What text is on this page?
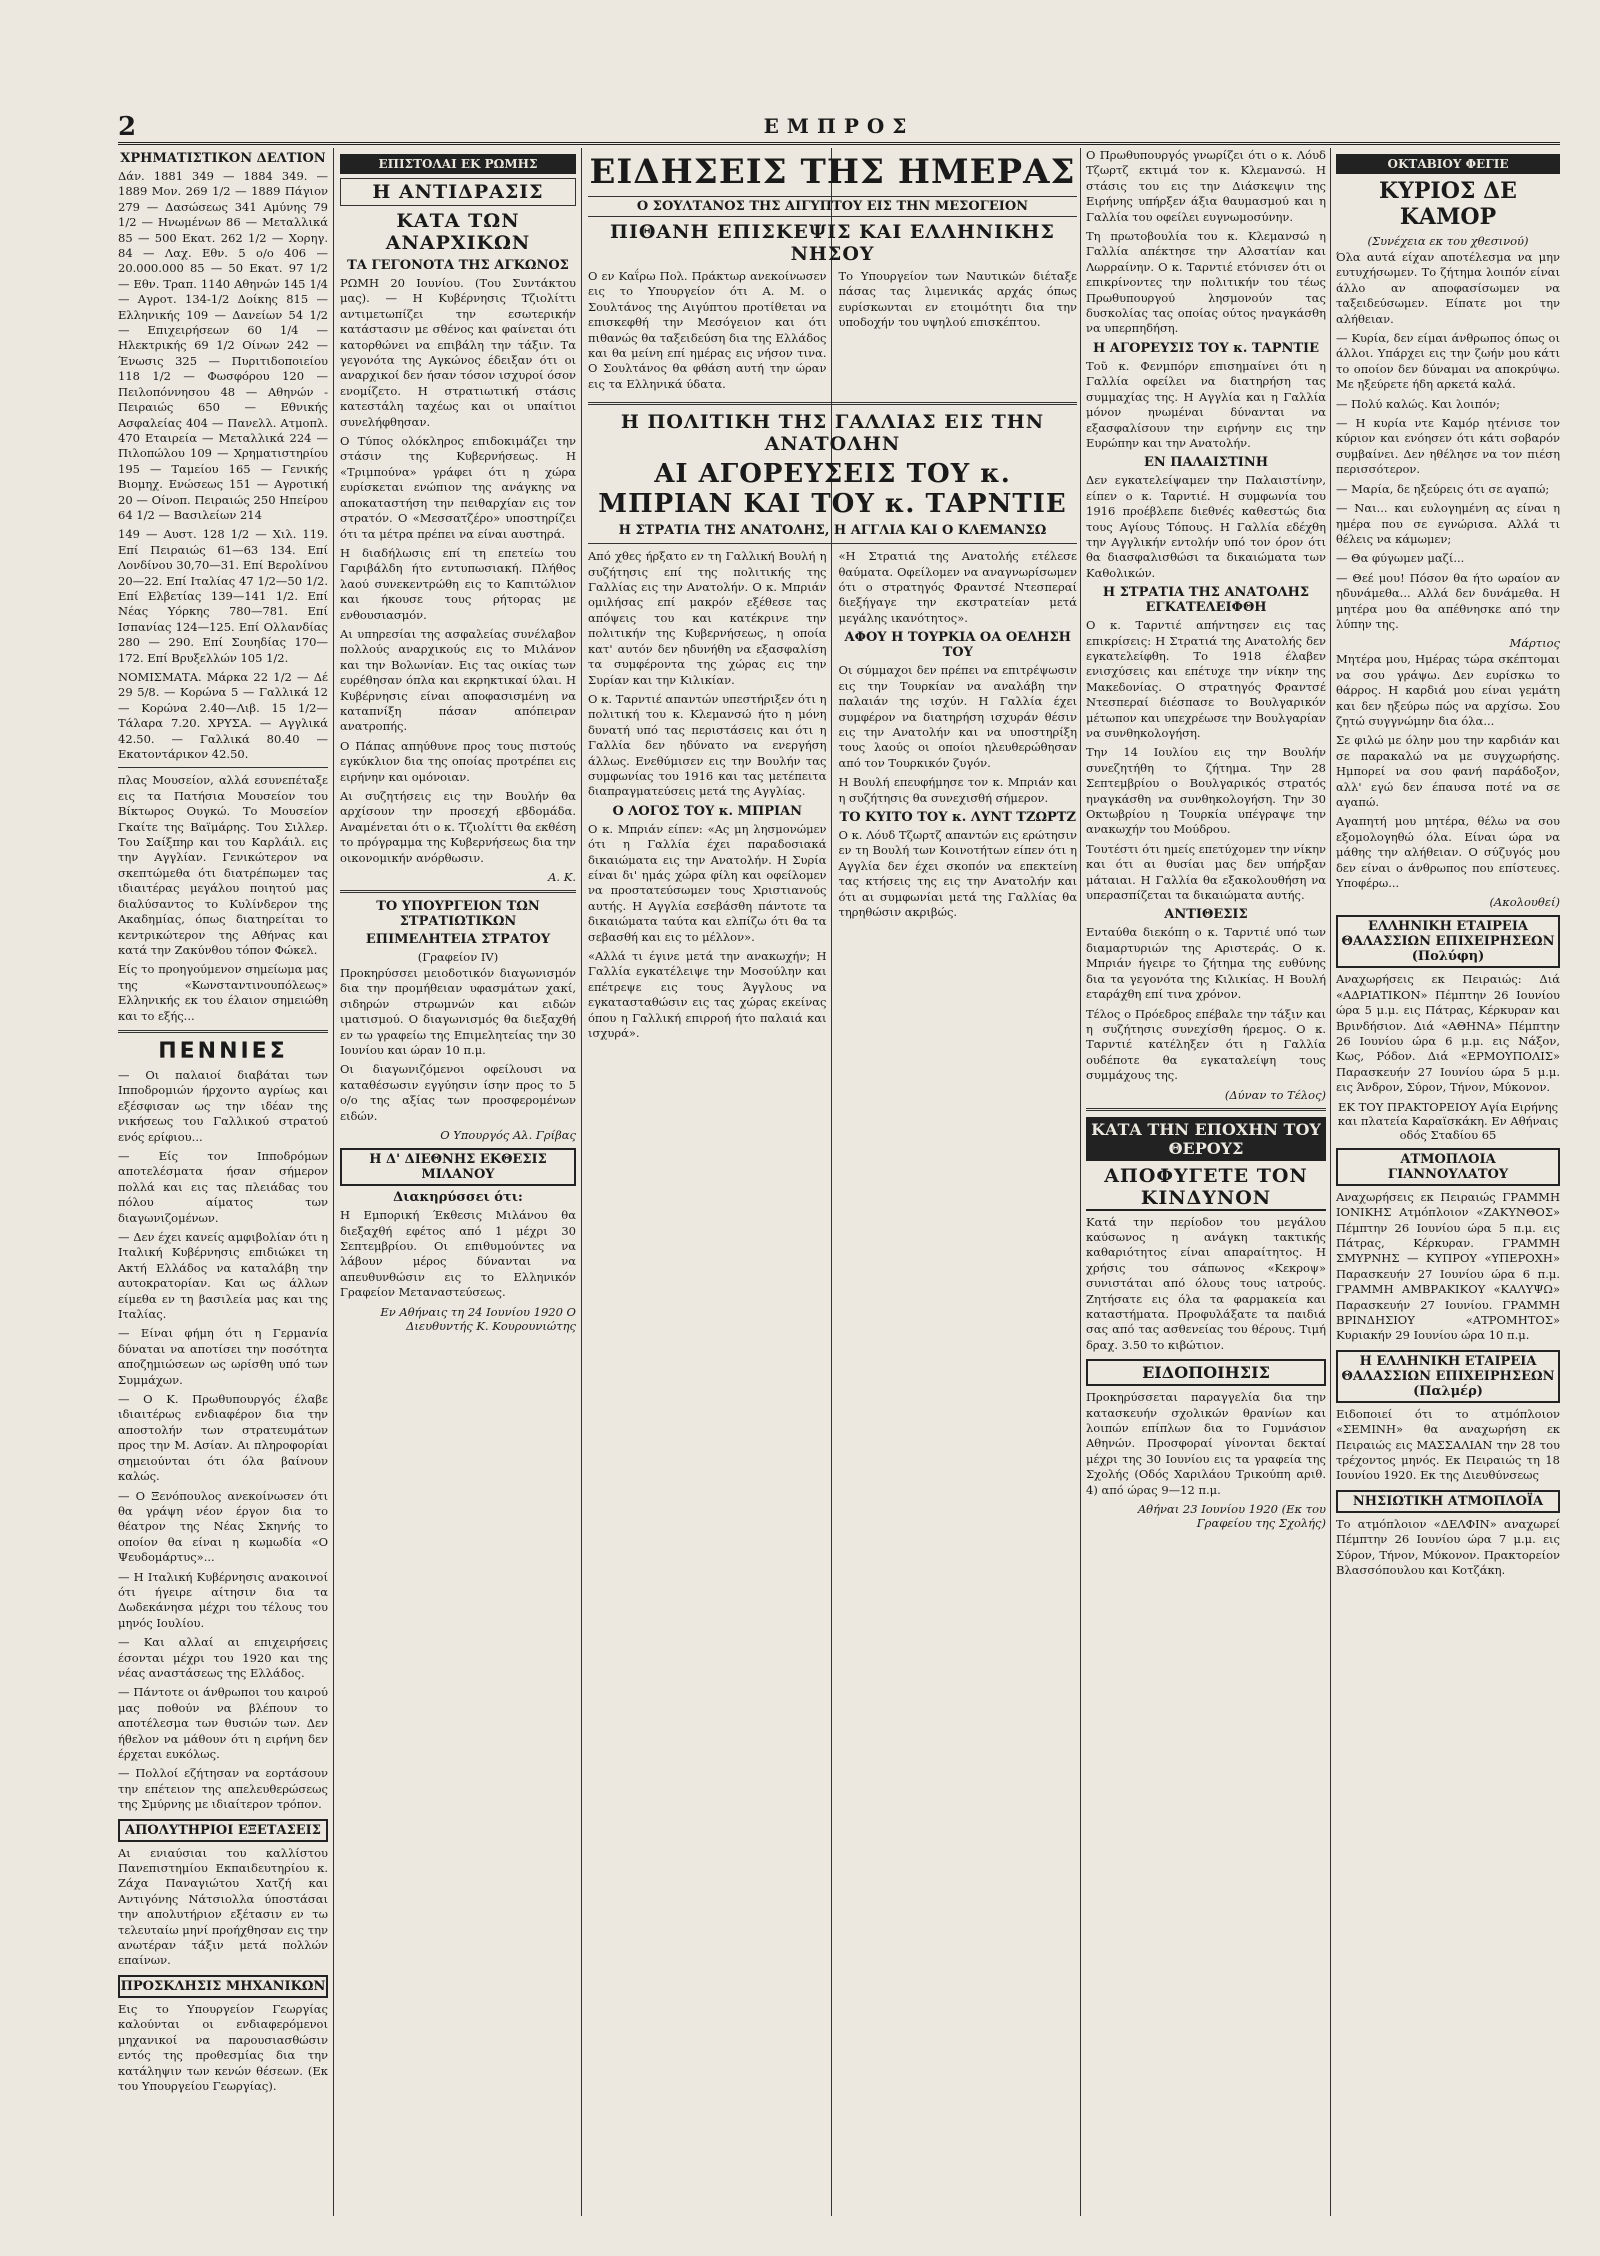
2	ΕΜΠΡΟΣ
ΧΡΗΜΑΤΙΣΤΙΚΟΝ ΔΕΛΤΙΟΝ

Δάν. 1881 349 — 1884 349. — 1889 Μον. 269 1/2 — 1889 Πάγιον 279 — Δασώσεως 341 Αμύνης 79 1/2 — Ηνωμένων 86 — Μεταλλικά 85 — 500 Εκατ. 262 1/2 — Χορηγ. 84 — Λαχ. Εθν. 5 ο/ο 406 — 20.000.000 85 — 50 Εκατ. 97 1/2 — Εθν. Τραπ. 1140 Αθηνών 145 1/4 — Αγροτ. 134-1/2 Δοίκης 815 — Ελληνικής 109 — Δανείων 54 1/2 — Επιχειρήσεων 60 1/4 — Ηλεκτρικής 69 1/2 Οίνων 242 — Ένωσις 325 — Πυριτιδοποιείου 118 1/2 — Φωσφόρου 120 — Πειλοπόννησου 48 — Αθηνών - Πειραιώς 650 — Εθνικής Ασφαλείας 404 — Πανελλ. Ατμοπλ. 470 Εταιρεία — Μεταλλικά 224 — Πιλοπώλου 109 — Χρηματιστηρίου 195 — Ταμείου 165 — Γενικής Βιομηχ. Ενώσεως 151 — Αγροτική 20 — Οίνοπ. Πειραιώς 250 Ηπείρου 64 1/2 — Βασιλείων 214

149 — Αυστ. 128 1/2 — Χιλ. 119. Επί Πειραιώς 61—63 134. Επί Λονδίνου 30,70—31. Επί Βερολίνου 20—22. Επί Ιταλίας 47 1/2—50 1/2. Επί Ελβετίας 139—141 1/2. Επί Νέας Υόρκης 780—781. Επί Ισπανίας 124—125. Επί Ολλανδίας 280 — 290. Επί Σουηδίας 170—172. Επί Βρυξελλών 105 1/2.

ΝΟΜΙΣΜΑΤΑ. Μάρκα 22 1/2 — Δέ 29 5/8. — Κορώνα 5 — Γαλλικά 12 — Κορώνα 2.40—Λιβ. 15 1/2—Τάλαρα 7.20. ΧΡΥΣΑ. — Αγγλικά 42.50. — Γαλλικά 80.40 — Εκατοντάρικον 42.50.

πλας Μουσείον, αλλά εσυνεπέταξε εις τα Πατήσια Μουσείον του Βίκτωρος Ουγκώ. Το Μουσείον Γκαίτε της Βαϊμάρης. Του Σιλλερ. Του Σαίξπηρ και του Καρλάιλ. εις την Αγγλίαν. Γενικώτερον να σκεπτώμεθα ότι διατρέπωμεν τας ιδιαιτέρας μεγάλου ποιητού μας διαλύσαντος το Κυλίνδερον της Ακαδημίας, όπως διατηρείται το κεντρικώτερον της Αθήνας και κατά την Ζακύνθου τόπον Φώκελ.

Είς το προηγούμενον σημείωμα μας της «Κωνσταντινουπόλεως» Ελληνικής εκ του έλαιον σημειώθη και το εξής...

ΠΕΝΝΙΕΣ

— Οι παλαιοί διαβάται των Ιπποδρομιών ήρχοντο αγρίως και εξέσφισαν ως την ιδέαν της νικήσεως του Γαλλικού στρατού ενός ερίφιου...

— Είς τον Ιπποδρόμων αποτελέσματα ήσαν σήμερον πολλά και εις τας πλειάδας του πόλου αίματος των διαγωνιζομένων.

— Δεν έχει κανείς αμφιβολίαν ότι η Ιταλική Κυβέρνησις επιδιώκει τη Ακτή Ελλάδος να καταλάβη την αυτοκρατορίαν. Και ως άλλων είμεθα εν τη βασιλεία μας και της Ιταλίας.

— Είναι φήμη ότι η Γερμανία δύναται να αποτίσει την ποσότητα αποζημιώσεων ως ωρίσθη υπό των Συμμάχων.

— Ο Κ. Πρωθυπουργός έλαβε ιδιαιτέρως ενδιαφέρον δια την αποστολήν των στρατευμάτων προς την Μ. Ασίαν. Αι πληροφορίαι σημειούνται ότι όλα βαίνουν καλώς.

— Ο Ξενόπουλος ανεκοίνωσεν ότι θα γράψη νέον έργον δια το θέατρον της Νέας Σκηνής το οποίον θα είναι η κωμωδία «Ο Ψευδομάρτυς»...

— Η Ιταλική Κυβέρνησις ανακοινοί ότι ήγειρε αίτησιν δια τα Δωδεκάνησα μέχρι του τέλους του μηνός Ιουλίου.

— Και αλλαί αι επιχειρήσεις έσονται μέχρι του 1920 και της νέας αναστάσεως της Ελλάδος.

— Πάντοτε οι άνθρωποι του καιρού μας ποθούν να βλέπουν το αποτέλεσμα των θυσιών των. Δεν ήθελον να μάθουν ότι η ειρήνη δεν έρχεται ευκόλως.

— Πολλοί εζήτησαν να εορτάσουν την επέτειον της απελευθερώσεως της Σμύρνης με ιδιαίτερον τρόπον.

ΑΠΟΛΥΤΗΡΙΟΙ ΕΞΕΤΑΣΕΙΣ

Αι ενιαύσιαι του καλλίστου Πανεπιστημίου Εκπαιδευτηρίου κ. Ζάχα Παναγιώτου Χατζή και Αντιγόνης Νάτσιολλα ύποστάσαι την απολυτήριον εξέτασιν εν τω τελευταίω μηνί προήχθησαν εις την ανωτέραν τάξιν μετά πολλών επαίνων.

ΠΡΟΣΚΛΗΣΙΣ ΜΗΧΑΝΙΚΩΝ

Εις το Υπουργείον Γεωργίας καλούνται οι ενδιαφερόμενοι μηχανικοί να παρουσιασθώσιν εντός της προθεσμίας δια την κατάληψιν των κενών θέσεων. (Εκ του Υπουργείου Γεωργίας).

ΕΠΙΣΤΟΛΑΙ ΕΚ ΡΩΜΗΣ
Η ΑΝΤΙΔΡΑΣΙΣ
ΚΑΤΑ ΤΩΝ ΑΝΑΡΧΙΚΩΝ
ΤΑ ΓΕΓΟΝΟΤΑ ΤΗΣ ΑΓΚΩΝΟΣ

ΡΩΜΗ 20 Ιουνίου. (Του Συντάκτου μας). — Η Κυβέρνησις Τζιολίττι αντιμετωπίζει την εσωτερικήν κατάστασιν με σθένος και φαίνεται ότι κατορθώνει να επιβάλη την τάξιν. Τα γεγονότα της Αγκώνος έδειξαν ότι οι αναρχικοί δεν ήσαν τόσον ισχυροί όσον ενομίζετο. Η στρατιωτική στάσις κατεστάλη ταχέως και οι υπαίτιοι συνελήφθησαν.

Ο Τύπος ολόκληρος επιδοκιμάζει την στάσιν της Κυβερνήσεως. Η «Τριμπούνα» γράφει ότι η χώρα ευρίσκεται ενώπιον της ανάγκης να αποκαταστήση την πειθαρχίαν εις τον στρατόν. Ο «Μεσσατζέρο» υποστηρίζει ότι τα μέτρα πρέπει να είναι αυστηρά.

Η διαδήλωσις επί τη επετείω του Γαριβάλδη ήτο εντυπωσιακή. Πλήθος λαού συνεκεντρώθη εις το Καπιτώλιον και ήκουσε τους ρήτορας με ενθουσιασμόν.

Αι υπηρεσίαι της ασφαλείας συνέλαβον πολλούς αναρχικούς εις το Μιλάνον και την Βολωνίαν. Εις τας οικίας των ευρέθησαν όπλα και εκρηκτικαί ύλαι. Η Κυβέρνησις είναι αποφασισμένη να καταπνίξη πάσαν απόπειραν ανατροπής.

Ο Πάπας απηύθυνε προς τους πιστούς εγκύκλιον δια της οποίας προτρέπει εις ειρήνην και ομόνοιαν.

Αι συζητήσεις εις την Βουλήν θα αρχίσουν την προσεχή εβδομάδα. Αναμένεται ότι ο κ. Τζιολίττι θα εκθέση το πρόγραμμα της Κυβερνήσεως δια την οικονομικήν ανόρθωσιν.

Α. Κ.
ΤΟ ΥΠΟΥΡΓΕΙΟΝ ΤΩΝ ΣΤΡΑΤΙΩΤΙΚΩΝ
ΕΠΙΜΕΛΗΤΕΙΑ ΣΤΡΑΤΟΥ
(Γραφείον IV)

Προκηρύσσει μειοδοτικόν διαγωνισμόν δια την προμήθειαν υφασμάτων χακί, σιδηρών στρωμνών και ειδών ιματισμού. Ο διαγωνισμός θα διεξαχθή εν τω γραφείω της Επιμελητείας την 30 Ιουνίου και ώραν 10 π.μ.

Οι διαγωνιζόμενοι οφείλουσι να καταθέσωσιν εγγύησιν ίσην προς το 5 ο/ο της αξίας των προσφερομένων ειδών.

Ο Υπουργός Αλ. Γρίβας
Η Δ' ΔΙΕΘΝΗΣ ΕΚΘΕΣΙΣ ΜΙΛΑΝΟΥ
Διακηρύσσει ότι:

Η Εμπορική Έκθεσις Μιλάνου θα διεξαχθή εφέτος από 1 μέχρι 30 Σεπτεμβρίου. Οι επιθυμούντες να λάβουν μέρος δύνανται να απευθυνθώσιν εις το Ελληνικόν Γραφείον Μεταναστεύσεως.

Εν Αθήναις τη 24 Ιουνίου 1920 Ο Διευθυντής Κ. Κουρουνιώτης
ΕΙΔΗΣΕΙΣ ΤΗΣ ΗΜΕΡΑΣ
Ο ΣΟΥΛΤΑΝΟΣ ΤΗΣ ΑΙΓΥΠΤΟΥ ΕΙΣ ΤΗΝ ΜΕΣΟΓΕΙΟΝ
ΠΙΘΑΝΗ ΕΠΙΣΚΕΨΙΣ ΚΑΙ ΕΛΛΗΝΙΚΗΣ ΝΗΣΟΥ

Ο εν Καΐρω Πολ. Πράκτωρ ανεκοίνωσεν εις το Υπουργείον ότι Α. Μ. ο Σουλτάνος της Αιγύπτου προτίθεται να επισκεφθή την Μεσόγειον και ότι πιθανώς θα ταξειδεύση δια της Ελλάδος και θα μείνη επί ημέρας εις νήσον τινα. Ο Σουλτάνος θα φθάση αυτή την ώραν εις τα Ελληνικά ύδατα.

Το Υπουργείον των Ναυτικών διέταξε πάσας τας λιμενικάς αρχάς όπως ευρίσκωνται εν ετοιμότητι δια την υποδοχήν του υψηλού επισκέπτου.

Η ΠΟΛΙΤΙΚΗ ΤΗΣ ΓΑΛΛΙΑΣ ΕΙΣ ΤΗΝ ΑΝΑΤΟΛΗΝ
ΑΙ ΑΓΟΡΕΥΣΕΙΣ ΤΟΥ κ. ΜΠΡΙΑΝ ΚΑΙ ΤΟΥ κ. ΤΑΡΝΤΙΕ
Η ΣΤΡΑΤΙΑ ΤΗΣ ΑΝΑΤΟΛΗΣ, Η ΑΓΓΛΙΑ ΚΑΙ Ο ΚΛΕΜΑΝΣΩ

Από χθες ήρξατο εν τη Γαλλική Βουλή η συζήτησις επί της πολιτικής της Γαλλίας εις την Ανατολήν. Ο κ. Μπριάν ομιλήσας επί μακρόν εξέθεσε τας απόψεις του και κατέκρινε την πολιτικήν της Κυβερνήσεως, η οποία κατ' αυτόν δεν ηδυνήθη να εξασφαλίση τα συμφέροντα της χώρας εις την Συρίαν και την Κιλικίαν.

Ο κ. Ταρντιέ απαντών υπεστήριξεν ότι η πολιτική του κ. Κλεμανσώ ήτο η μόνη δυνατή υπό τας περιστάσεις και ότι η Γαλλία δεν ηδύνατο να ενεργήση άλλως. Ενεθύμισεν εις την Βουλήν τας συμφωνίας του 1916 και τας μετέπειτα διαπραγματεύσεις μετά της Αγγλίας.

Ο ΛΟΓΟΣ ΤΟΥ κ. ΜΠΡΙΑΝ

Ο κ. Μπριάν είπεν: «Ας μη λησμονώμεν ότι η Γαλλία έχει παραδοσιακά δικαιώματα εις την Ανατολήν. Η Συρία είναι δι' ημάς χώρα φίλη και οφείλομεν να προστατεύσωμεν τους Χριστιανούς αυτής. Η Αγγλία εσεβάσθη πάντοτε τα δικαιώματα ταύτα και ελπίζω ότι θα τα σεβασθή και εις το μέλλον».

«Αλλά τι έγινε μετά την ανακωχήν; Η Γαλλία εγκατέλειψε την Μοσούλην και επέτρεψε εις τους Άγγλους να εγκατασταθώσιν εις τας χώρας εκείνας όπου η Γαλλική επιρροή ήτο παλαιά και ισχυρά».

«Η Στρατιά της Ανατολής ετέλεσε θαύματα. Οφείλομεν να αναγνωρίσωμεν ότι ο στρατηγός Φραντσέ Ντεσπεραί διεξήγαγε την εκστρατείαν μετά μεγάλης ικανότητος».

ΑΦΟΥ Η ΤΟΥΡΚΙΑ ΟΑ ΟΕΛΗΣΗ ΤΟΥ

Οι σύμμαχοι δεν πρέπει να επιτρέψωσιν εις την Τουρκίαν να αναλάβη την παλαιάν της ισχύν. Η Γαλλία έχει συμφέρον να διατηρήση ισχυράν θέσιν εις την Ανατολήν και να υποστηρίξη τους λαούς οι οποίοι ηλευθερώθησαν από τον Τουρκικόν ζυγόν.

Η Βουλή επευφήμησε τον κ. Μπριάν και η συζήτησις θα συνεχισθή σήμερον.

ΤΟ ΚΥΙΤΟ ΤΟΥ κ. ΛΥΝΤ ΤΖΩΡΤΖ

Ο κ. Λόυδ Τζωρτζ απαντών εις ερώτησιν εν τη Βουλή των Κοινοτήτων είπεν ότι η Αγγλία δεν έχει σκοπόν να επεκτείνη τας κτήσεις της εις την Ανατολήν και ότι αι συμφωνίαι μετά της Γαλλίας θα τηρηθώσιν ακριβώς.

Ο Πρωθυπουργός γνωρίζει ότι ο κ. Λόυδ Τζωρτζ εκτιμά τον κ. Κλεμανσώ. Η στάσις του εις την Διάσκεψιν της Ειρήνης υπήρξεν άξια θαυμασμού και η Γαλλία του οφείλει ευγνωμοσύνην.

Τη πρωτοβουλία του κ. Κλεμανσώ η Γαλλία απέκτησε την Αλσατίαν και Λωρραίνην. Ο κ. Ταρντιέ ετόνισεν ότι οι επικρίνοντες την πολιτικήν του τέως Πρωθυπουργού λησμονούν τας δυσκολίας τας οποίας ούτος ηναγκάσθη να υπερπηδήση.

Η ΑΓΟΡΕΥΣΙΣ ΤΟΥ κ. ΤΑΡΝΤΙΕ

Τοῦ κ. Φενμπόρν επισημαίνει ότι η Γαλλία οφείλει να διατηρήση τας συμμαχίας της. Η Αγγλία και η Γαλλία μόνον ηνωμέναι δύνανται να εξασφαλίσουν την ειρήνην εις την Ευρώπην και την Ανατολήν.

ΕΝ ΠΑΛΑΙΣΤΙΝΗ

Δεν εγκατελείψαμεν την Παλαιστίνην, είπεν ο κ. Ταρντιέ. Η συμφωνία του 1916 προέβλεπε διεθνές καθεστώς δια τους Αγίους Τόπους. Η Γαλλία εδέχθη την Αγγλικήν εντολήν υπό τον όρον ότι θα διασφαλισθώσι τα δικαιώματα των Καθολικών.

Η ΣΤΡΑΤΙΑ ΤΗΣ ΑΝΑΤΟΛΗΣ ΕΓΚΑΤΕΛΕΙΦΘΗ

Ο κ. Ταρντιέ απήντησεν εις τας επικρίσεις: Η Στρατιά της Ανατολής δεν εγκατελείφθη. Το 1918 έλαβεν ενισχύσεις και επέτυχε την νίκην της Μακεδονίας. Ο στρατηγός Φραντσέ Ντεσπεραί διέσπασε το Βουλγαρικόν μέτωπον και υπεχρέωσε την Βουλγαρίαν να συνθηκολογήση.

Την 14 Ιουλίου εις την Βουλήν συνεζητήθη το ζήτημα. Την 28 Σεπτεμβρίου ο Βουλγαρικός στρατός ηναγκάσθη να συνθηκολογήση. Την 30 Οκτωβρίου η Τουρκία υπέγραψε την ανακωχήν του Μούδρου.

Τουτέστι ότι ημείς επετύχομεν την νίκην και ότι αι θυσίαι μας δεν υπήρξαν μάταιαι. Η Γαλλία θα εξακολουθήση να υπερασπίζεται τα δικαιώματα αυτής.

ΑΝΤΙΘΕΣΙΣ

Ενταύθα διεκόπη ο κ. Ταρντιέ υπό των διαμαρτυριών της Αριστεράς. Ο κ. Μπριάν ήγειρε το ζήτημα της ευθύνης δια τα γεγονότα της Κιλικίας. Η Βουλή εταράχθη επί τινα χρόνον.

Τέλος ο Πρόεδρος επέβαλε την τάξιν και η συζήτησις συνεχίσθη ήρεμος. Ο κ. Ταρντιέ κατέληξεν ότι η Γαλλία ουδέποτε θα εγκαταλείψη τους συμμάχους της.

(Δύναν το Τέλος)
ΚΑΤΑ ΤΗΝ ΕΠΟΧΗΝ ΤΟΥ ΘΕΡΟΥΣ
ΑΠΟΦΥΓΕΤΕ ΤΟΝ ΚΙΝΔΥΝΟΝ

Κατά την περίοδον του μεγάλου καύσωνος η ανάγκη τακτικής καθαριότητος είναι απαραίτητος. Η χρήσις του σάπωνος «Κεκροψ» συνιστάται από όλους τους ιατρούς. Ζητήσατε εις όλα τα φαρμακεία και καταστήματα. Προφυλάξατε τα παιδιά σας από τας ασθενείας του θέρους. Τιμή δραχ. 3.50 το κιβώτιον.

ΕΙΔΟΠΟΙΗΣΙΣ

Προκηρύσσεται παραγγελία δια την κατασκευήν σχολικών θρανίων και λοιπών επίπλων δια το Γυμνάσιον Αθηνών. Προσφοραί γίνονται δεκταί μέχρι της 30 Ιουνίου εις τα γραφεία της Σχολής (Οδός Χαριλάου Τρικούπη αριθ. 4) από ώρας 9—12 π.μ.

Αθήναι 23 Ιουνίου 1920 (Εκ του Γραφείου της Σχολής)
ΟΚΤΑΒΙΟΥ ΦΕΓΙΕ
ΚΥΡΙΟΣ ΔΕ ΚΑΜΟΡ
(Συνέχεια εκ του χθεσινού)

Όλα αυτά είχαν αποτέλεσμα να μην ευτυχήσωμεν. Το ζήτημα λοιπόν είναι άλλο αν αποφασίσωμεν να ταξειδεύσωμεν. Είπατε μοι την αλήθειαν.

— Κυρία, δεν είμαι άνθρωπος όπως οι άλλοι. Υπάρχει εις την ζωήν μου κάτι το οποίον δεν δύναμαι να αποκρύψω. Με ηξεύρετε ήδη αρκετά καλά.

— Πολύ καλώς. Και λοιπόν;

— Η κυρία ντε Καμόρ ητένισε τον κύριον και ενόησεν ότι κάτι σοβαρόν συμβαίνει. Δεν ηθέλησε να τον πιέση περισσότερον.

— Μαρία, δε ηξεύρεις ότι σε αγαπώ;

— Ναι... και ευλογημένη ας είναι η ημέρα που σε εγνώρισα. Αλλά τι θέλεις να κάμωμεν;

— Θα φύγωμεν μαζί...

— Θεέ μου! Πόσον θα ήτο ωραίον αν ηδυνάμεθα... Αλλά δεν δυνάμεθα. Η μητέρα μου θα απέθνησκε από την λύπην της.

Μάρτιος

Μητέρα μου, Ημέρας τώρα σκέπτομαι να σου γράψω. Δεν ευρίσκω το θάρρος. Η καρδιά μου είναι γεμάτη και δεν ηξεύρω πώς να αρχίσω. Σου ζητώ συγγνώμην δια όλα...

Σε φιλώ με όλην μου την καρδιάν και σε παρακαλώ να με συγχωρήσης. Ημπορεί να σου φανή παράδοξον, αλλ' εγώ δεν έπαυσα ποτέ να σε αγαπώ.

Αγαπητή μου μητέρα, θέλω να σου εξομολογηθώ όλα. Είναι ώρα να μάθης την αλήθειαν. Ο σύζυγός μου δεν είναι ο άνθρωπος που επίστευες. Υποφέρω...

(Ακολουθεί)
ΕΛΛΗΝΙΚΗ ΕΤΑΙΡΕΙΑ ΘΑΛΑΣΣΙΩΝ ΕΠΙΧΕΙΡΗΣΕΩΝ (Πολύφη)

Αναχωρήσεις εκ Πειραιώς: Διά «ΑΔΡΙΑΤΙΚΟΝ» Πέμπτην 26 Ιουνίου ώρα 5 μ.μ. εις Πάτρας, Κέρκυραν και Βρινδήσιον. Διά «ΑΘΗΝΑ» Πέμπτην 26 Ιουνίου ώρα 6 μ.μ. εις Νάξον, Κως, Ρόδον. Διά «ΕΡΜΟΥΠΟΛΙΣ» Παρασκευήν 27 Ιουνίου ώρα 5 μ.μ. εις Άνδρον, Σύρον, Τήνον, Μύκονον.

ΕΚ ΤΟΥ ΠΡΑΚΤΟΡΕΙΟΥ Αγία Ειρήνης και πλατεία Καραϊσκάκη. Εν Αθήναις οδός Σταδίου 65
ΑΤΜΟΠΛΟΙΑ ΓΙΑΝΝΟΥΛΑΤΟΥ

Αναχωρήσεις εκ Πειραιώς ΓΡΑΜΜΗ ΙΟΝΙΚΗΣ Ατμόπλοιον «ΖΑΚΥΝΘΟΣ» Πέμπτην 26 Ιουνίου ώρα 5 π.μ. εις Πάτρας, Κέρκυραν. ΓΡΑΜΜΗ ΣΜΥΡΝΗΣ — ΚΥΠΡΟΥ «ΥΠΕΡΟΧΗ» Παρασκευήν 27 Ιουνίου ώρα 6 π.μ. ΓΡΑΜΜΗ ΑΜΒΡΑΚΙΚΟΥ «ΚΑΛΥΨΩ» Παρασκευήν 27 Ιουνίου. ΓΡΑΜΜΗ ΒΡΙΝΔΗΣΙΟΥ «ΑΤΡΟΜΗΤΟΣ» Κυριακήν 29 Ιουνίου ώρα 10 π.μ.

Η ΕΛΛΗΝΙΚΗ ΕΤΑΙΡΕΙΑ ΘΑΛΑΣΣΙΩΝ ΕΠΙΧΕΙΡΗΣΕΩΝ (Παλμέρ)

Ειδοποιεί ότι το ατμόπλοιον «ΣΕΜΙΝΗ» θα αναχωρήση εκ Πειραιώς εις ΜΑΣΣΑΛΙΑΝ την 28 του τρέχοντος μηνός. Εκ Πειραιώς τη 18 Ιουνίου 1920. Εκ της Διευθύνσεως

ΝΗΣΙΩΤΙΚΗ ΑΤΜΟΠΛΟΪΑ

Το ατμόπλοιον «ΔΕΛΦΙΝ» αναχωρεί Πέμπτην 26 Ιουνίου ώρα 7 μ.μ. εις Σύρον, Τήνον, Μύκονον. Πρακτορείον Βλασσόπουλου και Κοτζάκη.
